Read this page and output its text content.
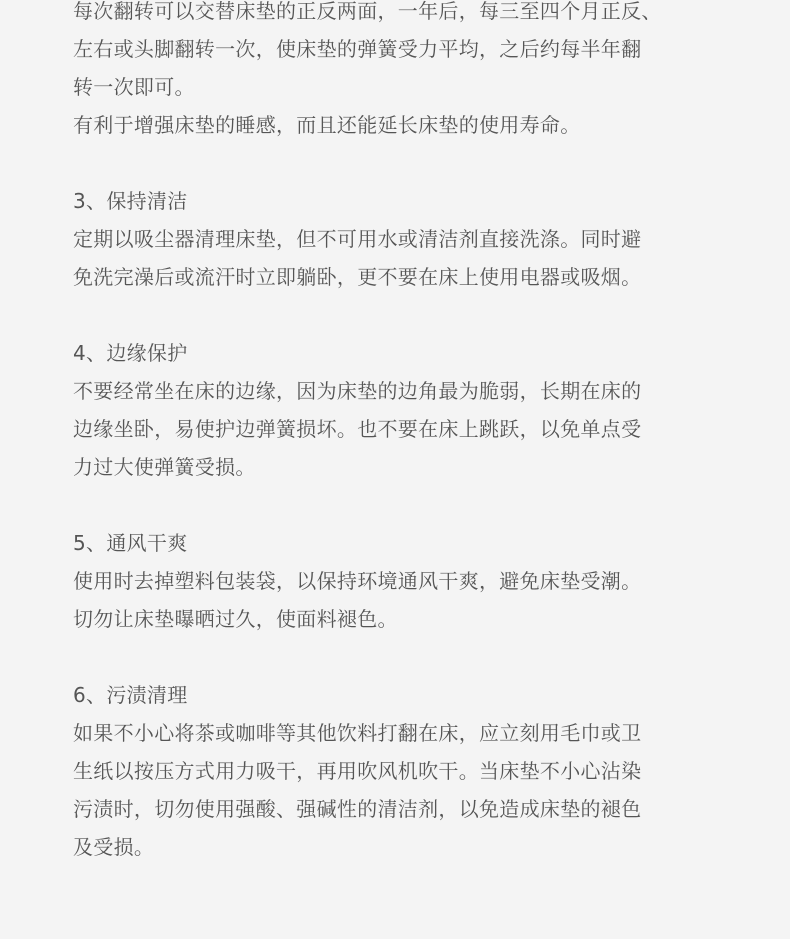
每次翻转可以交替床垫的正反两面，一年后，每三至四个月正反、
左右或头脚翻转一次，使床垫的弹簧受力平均，之后约每半年翻
转一次即可。
有利于增强床垫的睡感，而且还能延长床垫的使用寿命。
3、保持清洁
定期以吸尘器清理床垫，但不可用水或清洁剂直接洗涤。同时避
免洗完澡后或流汗时立即躺卧，更不要在床上使用电器或吸烟。
4、边缘保护
不要经常坐在床的边缘，因为床垫的边角最为脆弱，长期在床的
边缘坐卧，易使护边弹簧损坏。也不要在床上跳跃，以免单点受
力过大使弹簧受损。
5、通风干爽
使用时去掉塑料包装袋，以保持环境通风干爽，避免床垫受潮。
切勿让床垫曝晒过久，使面料褪色。
6、污渍清理
如果不小心将茶或咖啡等其他饮料打翻在床，应立刻用毛巾或卫
生纸以按压方式用力吸干，再用吹风机吹干。当床垫不小心沾染
污渍时，切勿使用强酸、强碱性的清洁剂，以免造成床垫的褪色
及受损。
